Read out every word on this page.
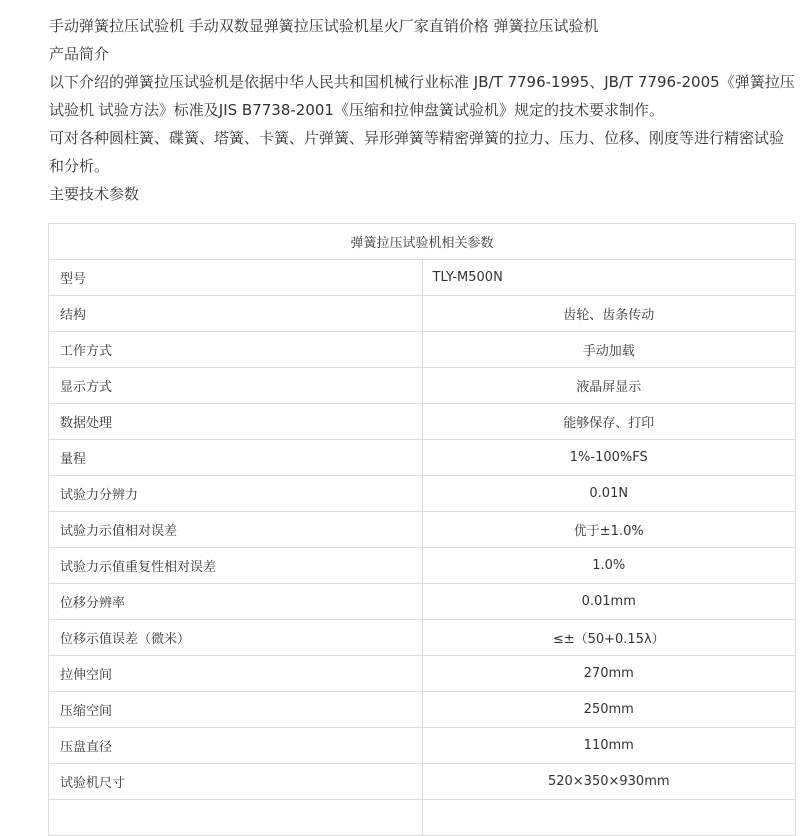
手动弹簧拉压试验机 手动双数显弹簧拉压试验机星火厂家直销价格 弹簧拉压试验机

产品简介

以下介绍的弹簧拉压试验机是依据中华人民共和国机械行业标准 JB/T 7796-1995、JB/T 7796-2005《弹簧拉压试验机 试验方法》标准及JIS B7738-2001《压缩和拉伸盘簧试验机》规定的技术要求制作。

可对各种圆柱簧、碟簧、塔簧、卡簧、片弹簧、异形弹簧等精密弹簧的拉力、压力、位移、刚度等进行精密试验和分析。

主要技术参数

弹簧拉压试验机相关参数	
型号	TLY-M500N
结构	齿轮、齿条传动
工作方式	手动加载
显示方式	液晶屏显示
数据处理	能够保存、打印
量程	1%-100%FS
试验力分辨力	0.01N
试验力示值相对误差	优于±1.0%
试验力示值重复性相对误差	1.0%
位移分辨率	0.01mm
位移示值误差（微米）	≤±（50+0.15λ）
拉伸空间	270mm
压缩空间	250mm
压盘直径	110mm
试验机尺寸	520×350×930mm
